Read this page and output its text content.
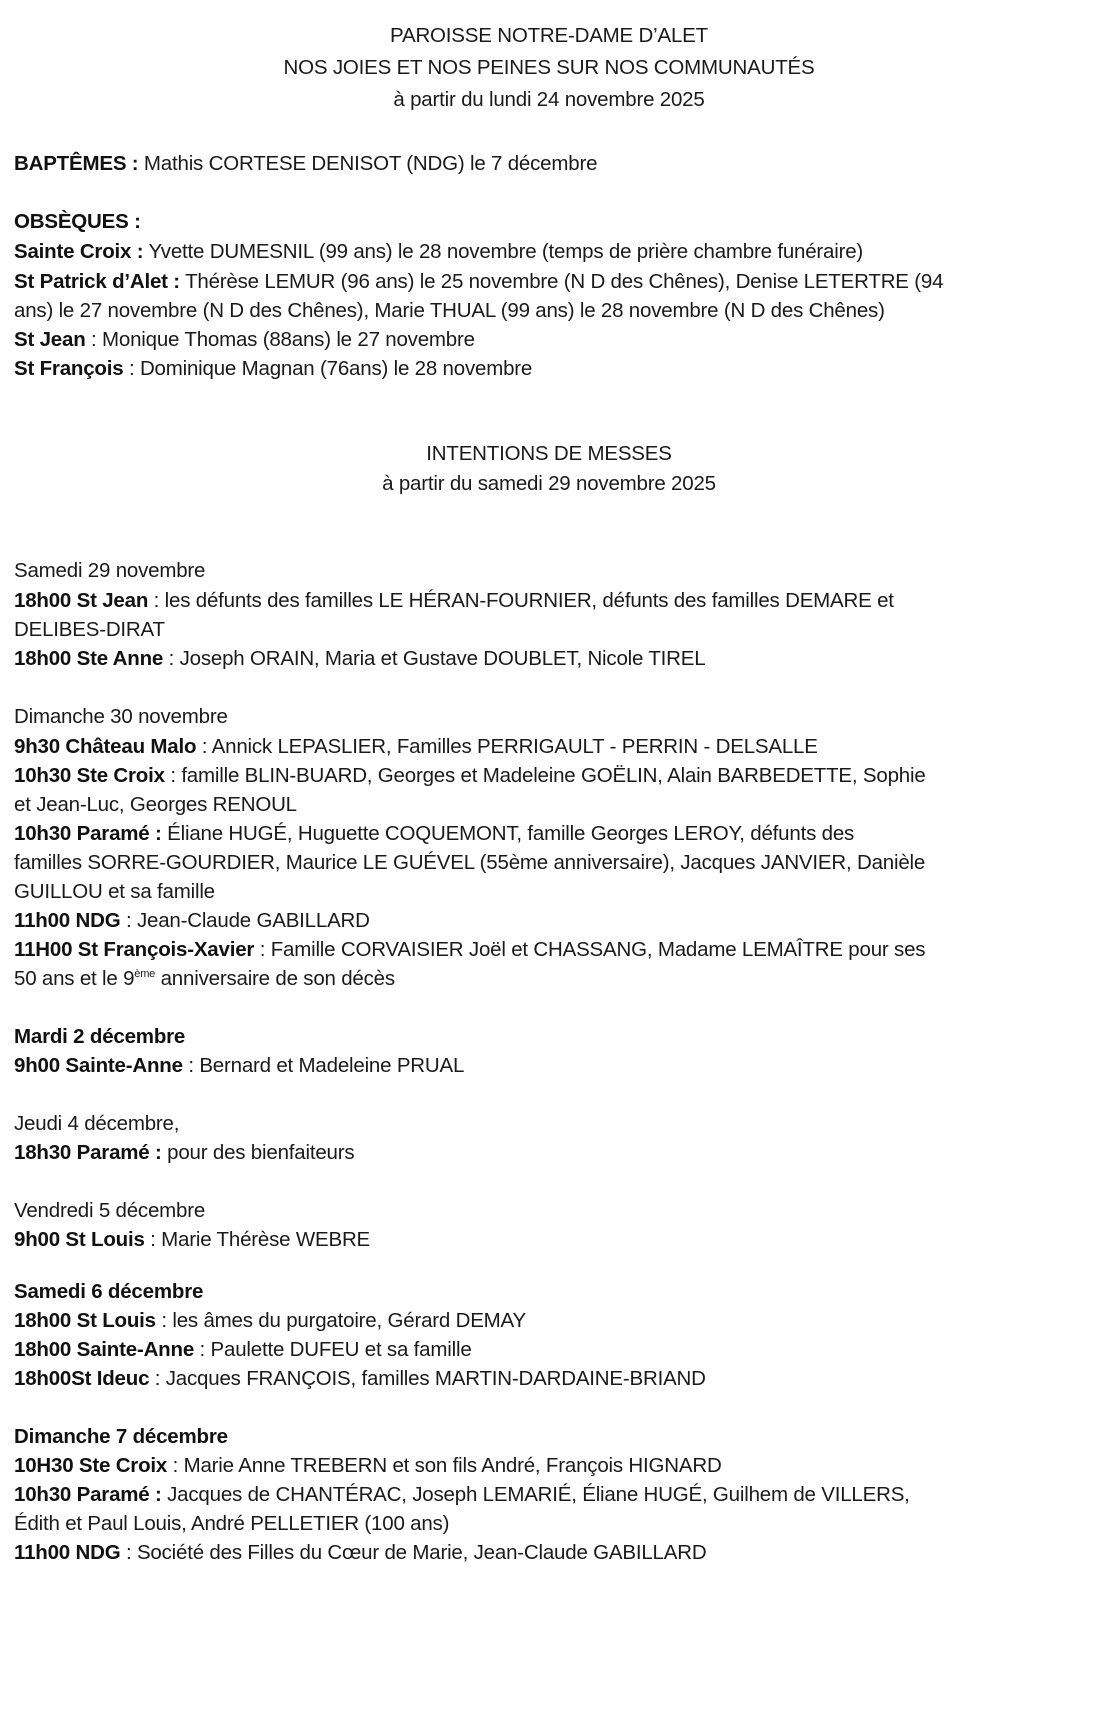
PAROISSE NOTRE-DAME D’ALET
NOS JOIES ET NOS PEINES SUR NOS COMMUNAUTÉS
à partir du lundi 24 novembre 2025
BAPTÊMES : Mathis CORTESE DENISOT (NDG) le 7 décembre
OBSÈQUES :
Sainte Croix : Yvette DUMESNIL (99 ans) le 28 novembre (temps de prière chambre funéraire)
St Patrick d’Alet : Thérèse LEMUR (96 ans) le 25 novembre (N D des Chênes), Denise LETERTRE (94
ans) le 27 novembre (N D des Chênes), Marie THUAL (99 ans) le 28 novembre (N D des Chênes)
St Jean : Monique Thomas (88ans) le 27 novembre
St François : Dominique Magnan (76ans) le 28 novembre
INTENTIONS DE MESSES
à partir du samedi 29 novembre 2025
Samedi 29 novembre
18h00 St Jean : les défunts des familles LE HÉRAN-FOURNIER, défunts des familles DEMARE et
DELIBES-DIRAT
18h00 Ste Anne : Joseph ORAIN, Maria et Gustave DOUBLET, Nicole TIREL
Dimanche 30 novembre
9h30 Château Malo : Annick LEPASLIER, Familles PERRIGAULT - PERRIN - DELSALLE
10h30 Ste Croix : famille BLIN-BUARD, Georges et Madeleine GOËLIN, Alain BARBEDETTE, Sophie
et Jean-Luc, Georges RENOUL
10h30 Paramé : Éliane HUGÉ, Huguette COQUEMONT, famille Georges LEROY, défunts des
familles SORRE-GOURDIER, Maurice LE GUÉVEL (55ème anniversaire), Jacques JANVIER, Danièle
GUILLOU et sa famille
11h00 NDG : Jean-Claude GABILLARD
11H00 St François-Xavier : Famille CORVAISIER Joël et CHASSANG, Madame LEMAÎTRE pour ses
50 ans et le 9ème anniversaire de son décès
Mardi 2 décembre
9h00 Sainte-Anne : Bernard et Madeleine PRUAL
Jeudi 4 décembre,
18h30 Paramé : pour des bienfaiteurs
Vendredi 5 décembre
9h00 St Louis : Marie Thérèse WEBRE
Samedi 6 décembre
18h00 St Louis : les âmes du purgatoire, Gérard DEMAY
18h00 Sainte-Anne : Paulette DUFEU et sa famille
18h00St Ideuc : Jacques FRANÇOIS, familles MARTIN-DARDAINE-BRIAND
Dimanche 7 décembre
10H30 Ste Croix : Marie Anne TREBERN et son fils André, François HIGNARD
10h30 Paramé : Jacques de CHANTÉRAC, Joseph LEMARIÉ, Éliane HUGÉ, Guilhem de VILLERS,
Édith et Paul Louis, André PELLETIER (100 ans)
11h00 NDG : Société des Filles du Cœur de Marie, Jean-Claude GABILLARD
